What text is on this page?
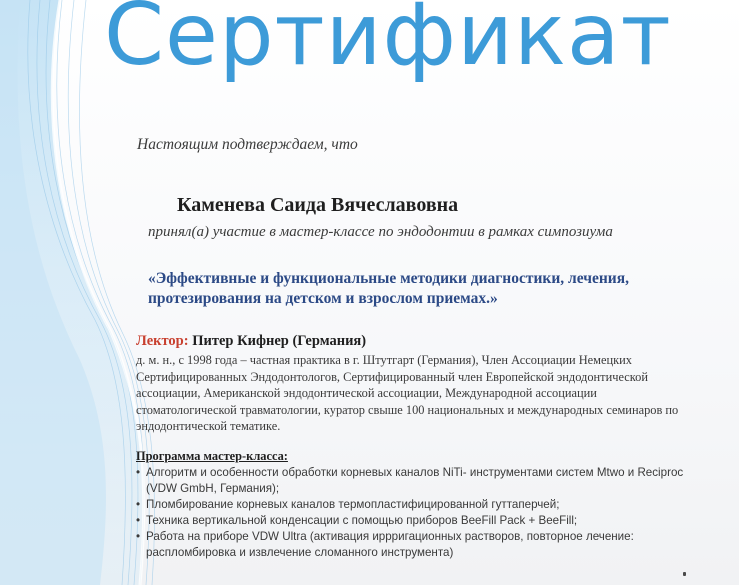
Сертификат
Настоящим подтверждаем, что
Каменева Саида Вячеславовна
принял(а) участие в мастер-классе по эндодонтии в рамках симпозиума
«Эффективные и функциональные методики диагностики, лечения, протезирования на детском и взрослом приемах.»
Лектор: Питер Кифнер (Германия)
д. м. н., с 1998 года – частная практика в г. Штутгарт (Германия), Член Ассоциации Немецких Сертифицированных Эндодонтологов, Сертифицированный член Европейской эндодонтической ассоциации, Американской эндодонтической ассоциации, Международной ассоциации стоматологической травматологии, куратор свыше 100 национальных и международных семинаров по эндодонтической тематике.
Программа мастер-класса:
• Алгоритм и особенности обработки корневых каналов NiTi- инструментами систем Mtwo и Reciproc (VDW GmbH, Германия);
• Пломбирование корневых каналов термопластифицированной гуттаперчей;
• Техника вертикальной конденсации с помощью приборов BeeFill Pack + BeeFill;
• Работа на приборе VDW Ultra (активация иррригационных растворов, повторное лечение: распломбировка и извлечение сломанного инструмента)
